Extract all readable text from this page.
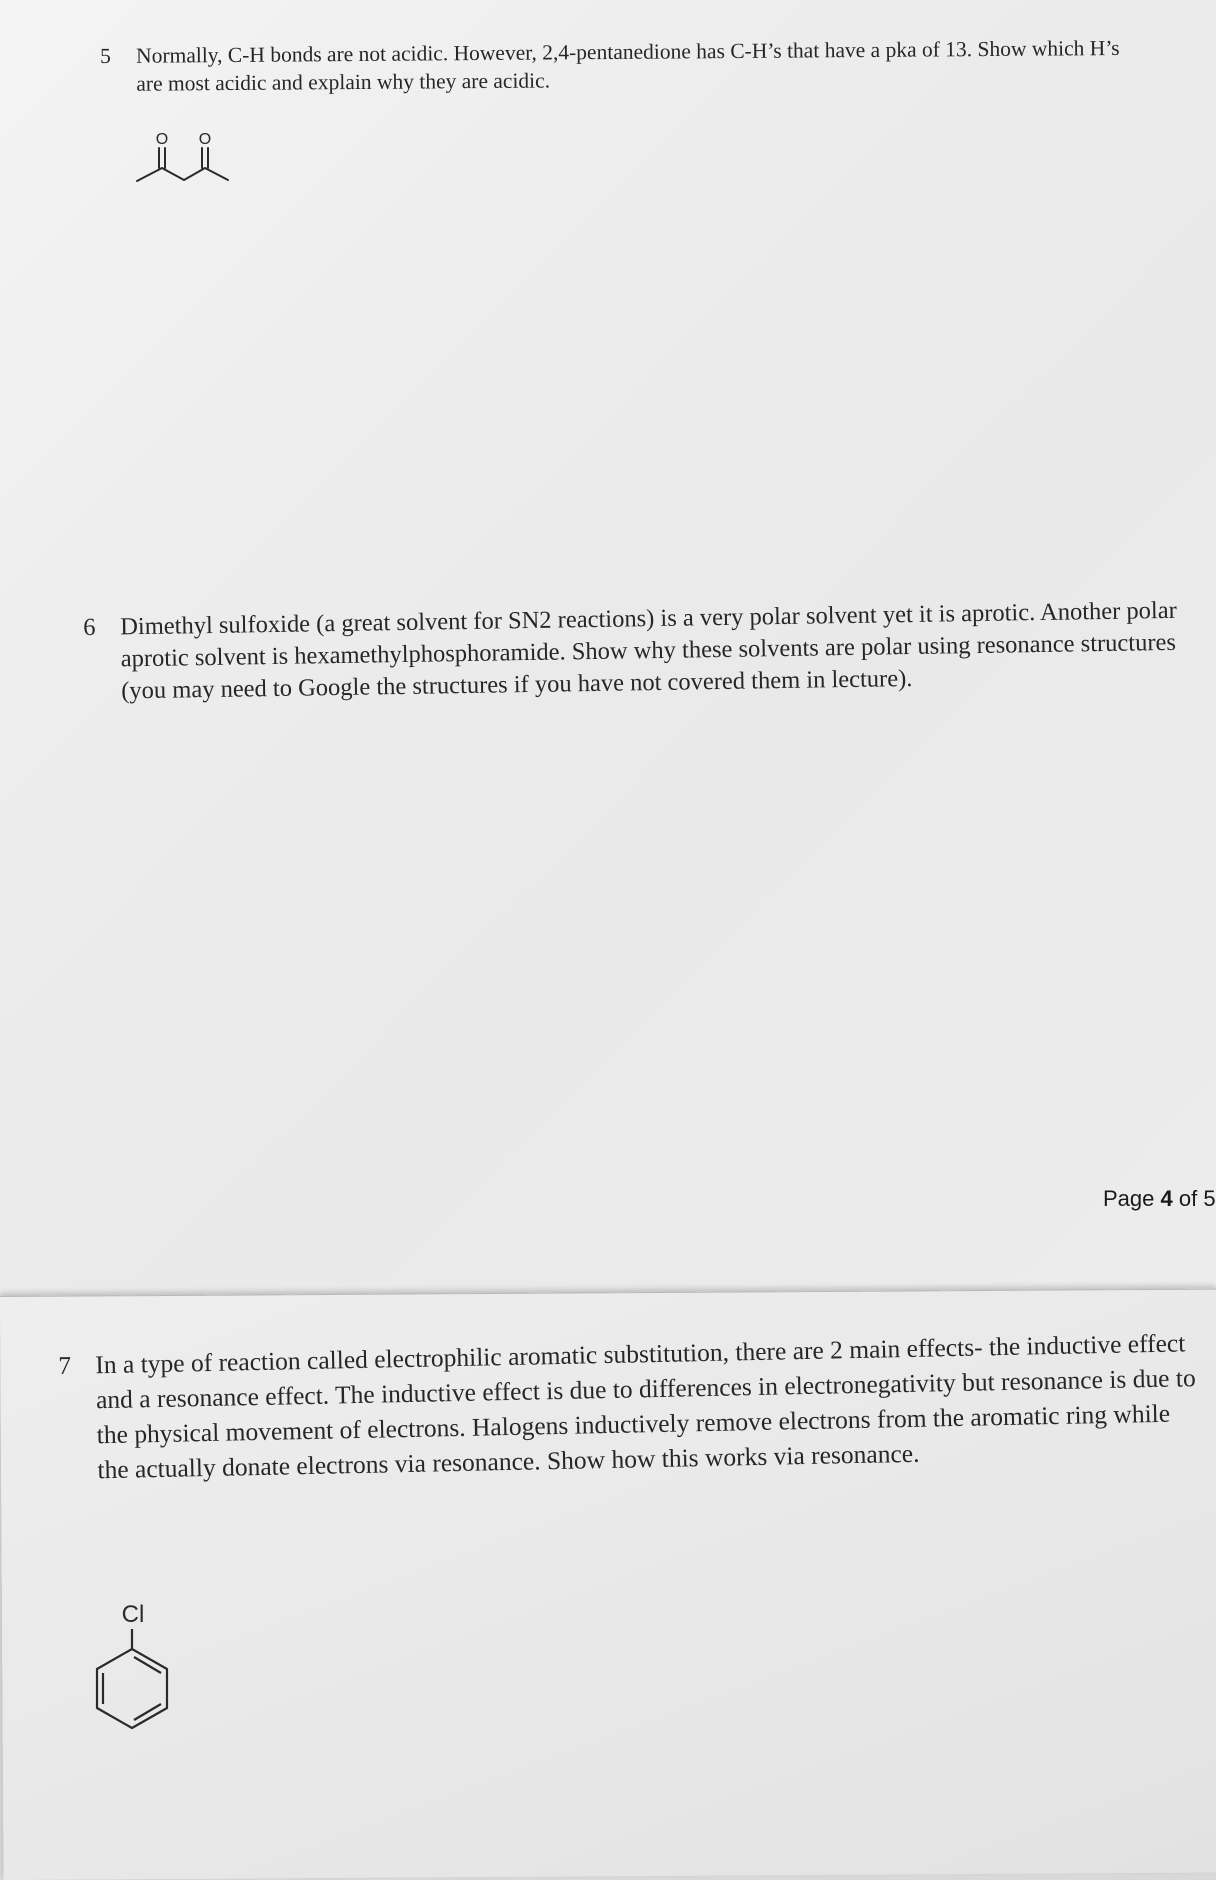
5 Normally, C-H bonds are not acidic. However, 2,4-pentanedione has C-H’s that have a pka of 13. Show which H’s are most acidic and explain why they are acidic.
O O
6 Dimethyl sulfoxide (a great solvent for SN2 reactions) is a very polar solvent yet it is aprotic. Another polar aprotic solvent is hexamethylphosphoramide. Show why these solvents are polar using resonance structures (you may need to Google the structures if you have not covered them in lecture).
Page 4 of 5
7 In a type of reaction called electrophilic aromatic substitution, there are 2 main effects- the inductive effect and a resonance effect. The inductive effect is due to differences in electronegativity but resonance is due to the physical movement of electrons. Halogens inductively remove electrons from the aromatic ring while the actually donate electrons via resonance. Show how this works via resonance.
Cl
